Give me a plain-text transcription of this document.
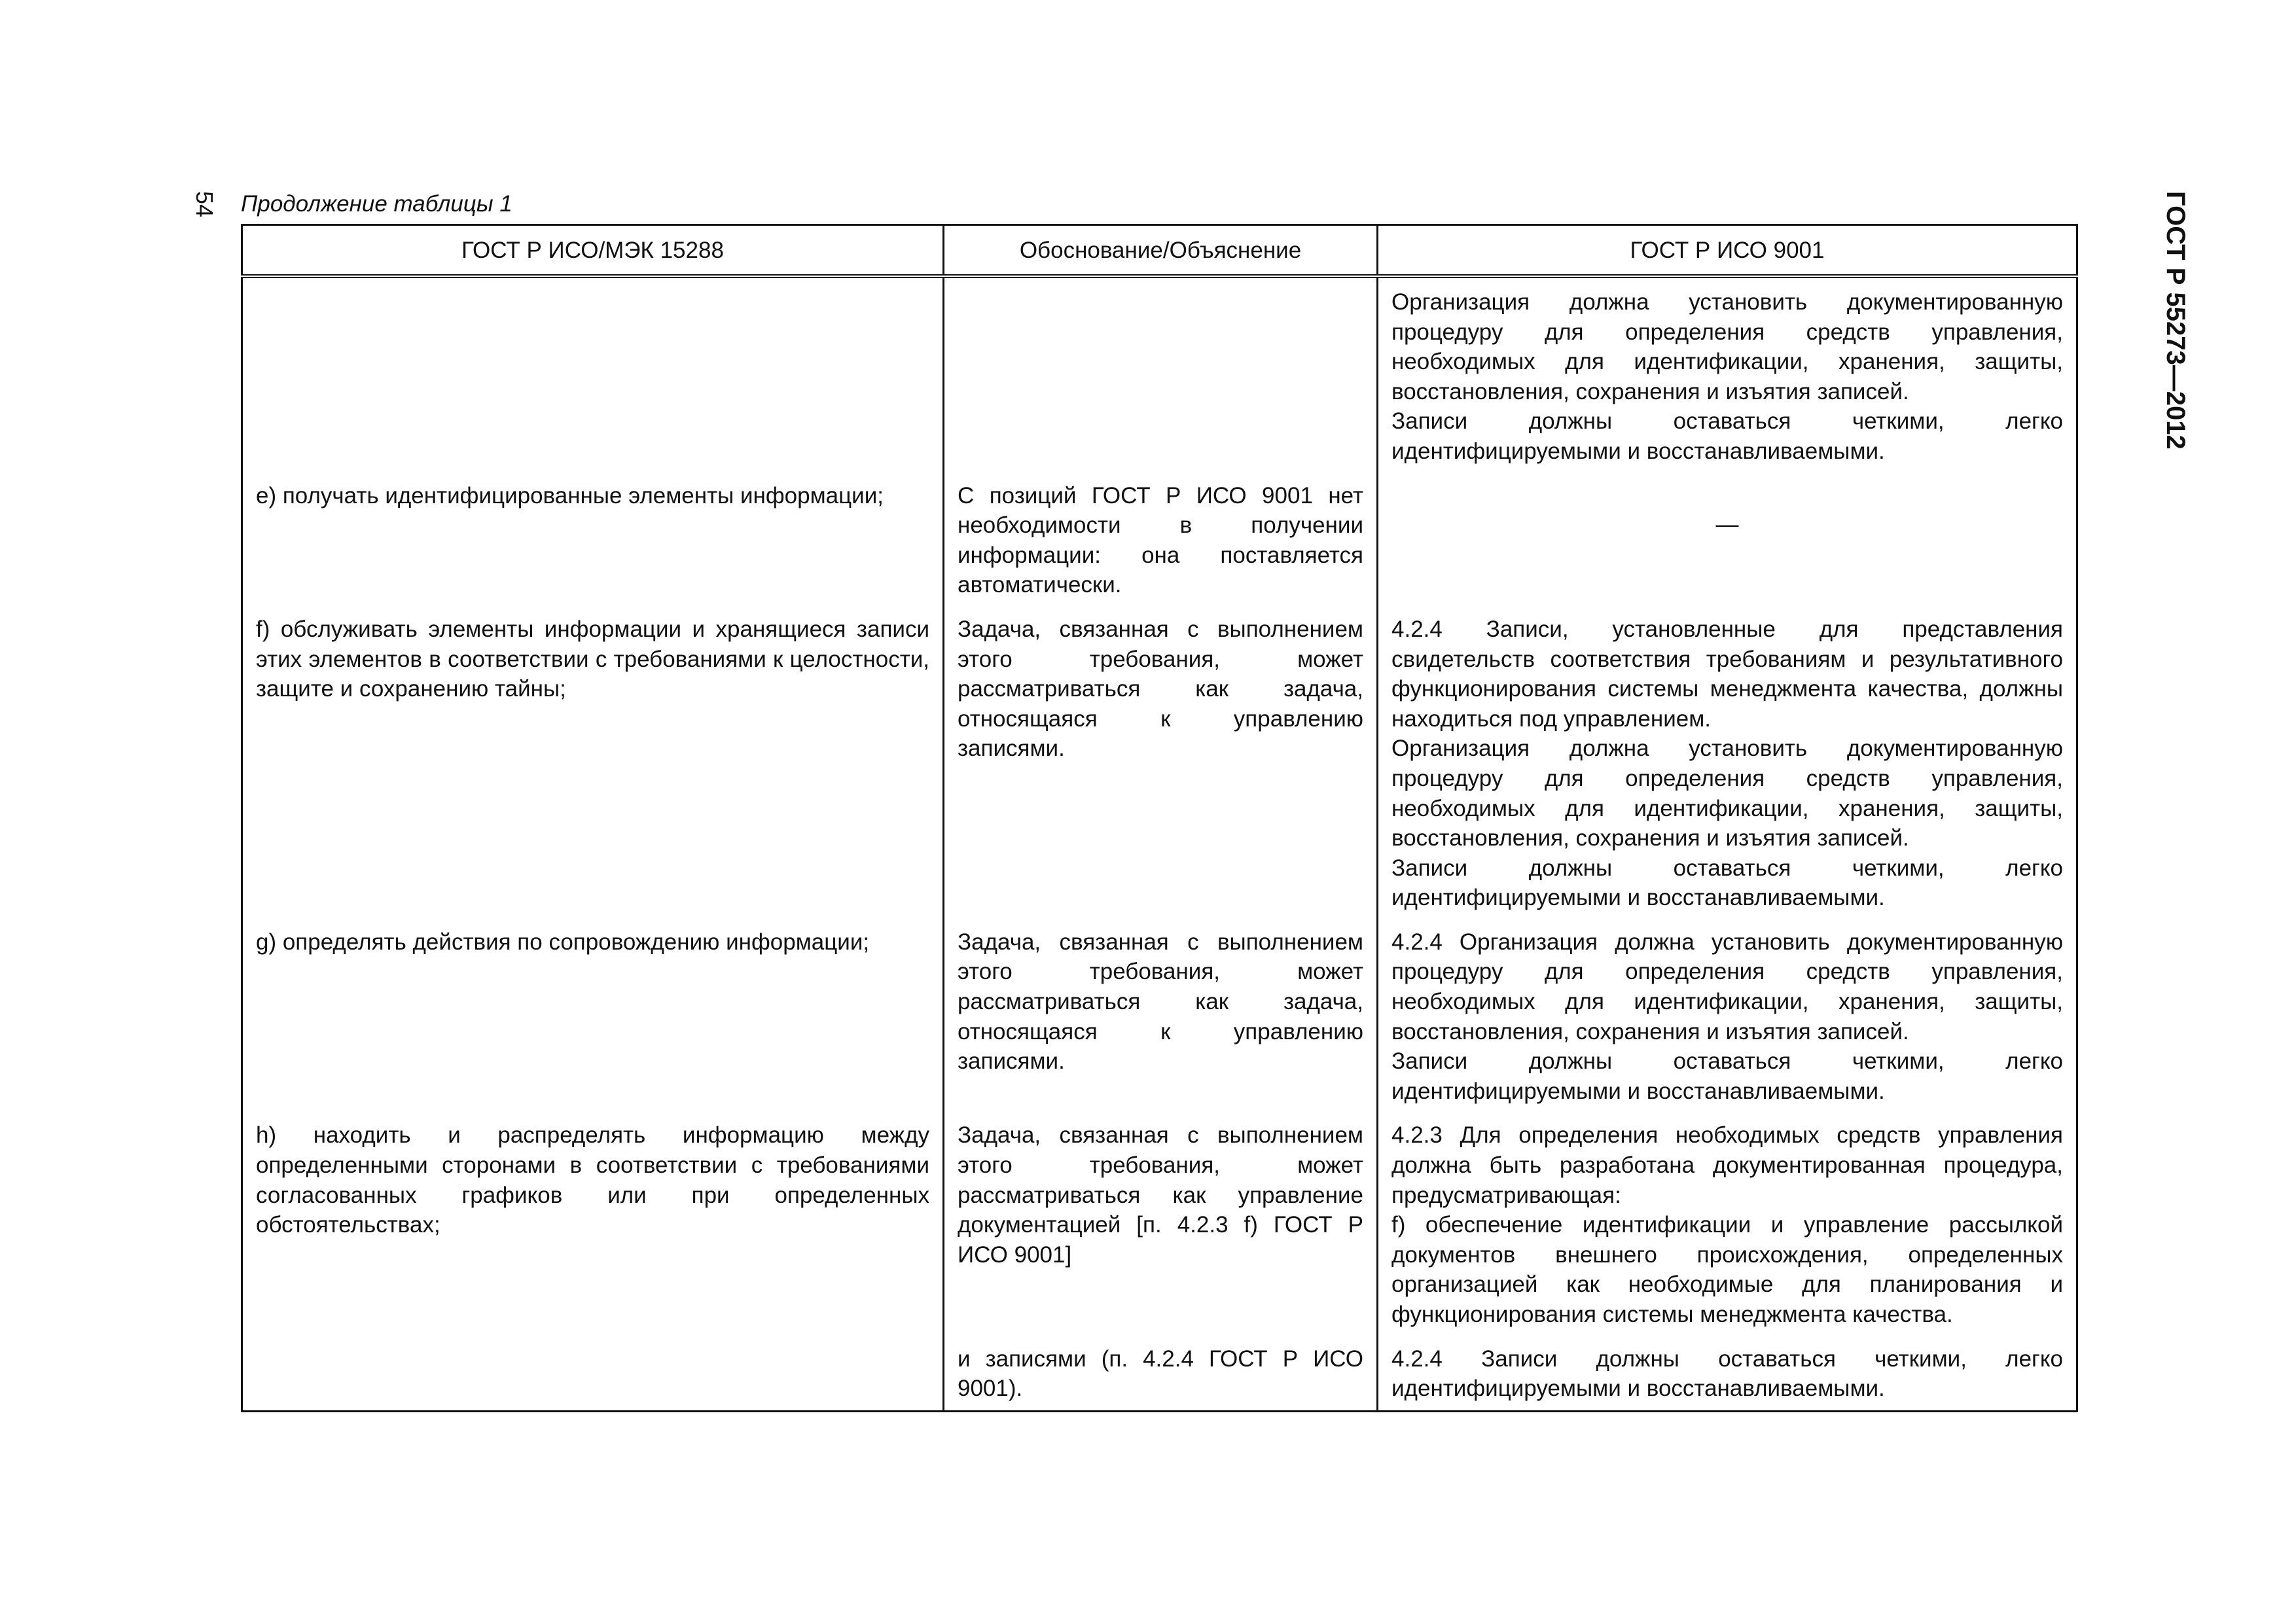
54 Продолжение таблицы 1	ГОСТ Р 55273—2012
ГОСТ Р ИСО/МЭК 15288	Обоснование/Объяснение	ГОСТ Р ИСО 9001

		Организация должна установить документированную процедуру для определения средств управления, необходимых для идентификации, хранения, защиты, восстановления, сохранения и изъятия записей.
Записи должны оставаться четкими, легко идентифицируемыми и восстанавливаемыми.

e) получать идентифицированные элементы информации;	С позиций ГОСТ Р ИСО 9001 нет необходимости в получении информации: она поставляется автоматически.	—

f) обслуживать элементы информации и хранящиеся записи этих элементов в соответствии с требованиями к целостности, защите и сохранению тайны;	Задача, связанная с выполнением этого требования, может рассматриваться как задача, относящаяся к управлению записями.	4.2.4 Записи, установленные для представления свидетельств соответствия требованиям и результативного функционирования системы менеджмента качества, должны находиться под управлением.
Организация должна установить документированную процедуру для определения средств управления, необходимых для идентификации, хранения, защиты, восстановления, сохранения и изъятия записей.
Записи должны оставаться четкими, легко идентифицируемыми и восстанавливаемыми.

g) определять действия по сопровождению информации;	Задача, связанная с выполнением этого требования, может рассматриваться как задача, относящаяся к управлению записями.	4.2.4 Организация должна установить документированную процедуру для определения средств управления, необходимых для идентификации, хранения, защиты, восстановления, сохранения и изъятия записей.
Записи должны оставаться четкими, легко идентифицируемыми и восстанавливаемыми.

h) находить и распределять информацию между определенными сторонами в соответствии с требованиями согласованных графиков или при определенных обстоятельствах;	Задача, связанная с выполнением этого требования, может рассматриваться как управление документацией [п. 4.2.3 f) ГОСТ Р ИСО 9001]	4.2.3 Для определения необходимых средств управления должна быть разработана документированная процедура, предусматривающая:
f) обеспечение идентификации и управление рассылкой документов внешнего происхождения, определенных организацией как необходимые для планирования и функционирования системы менеджмента качества.

	и записями (п. 4.2.4 ГОСТ Р ИСО 9001).	4.2.4 Записи должны оставаться четкими, легко идентифицируемыми и восстанавливаемыми.
